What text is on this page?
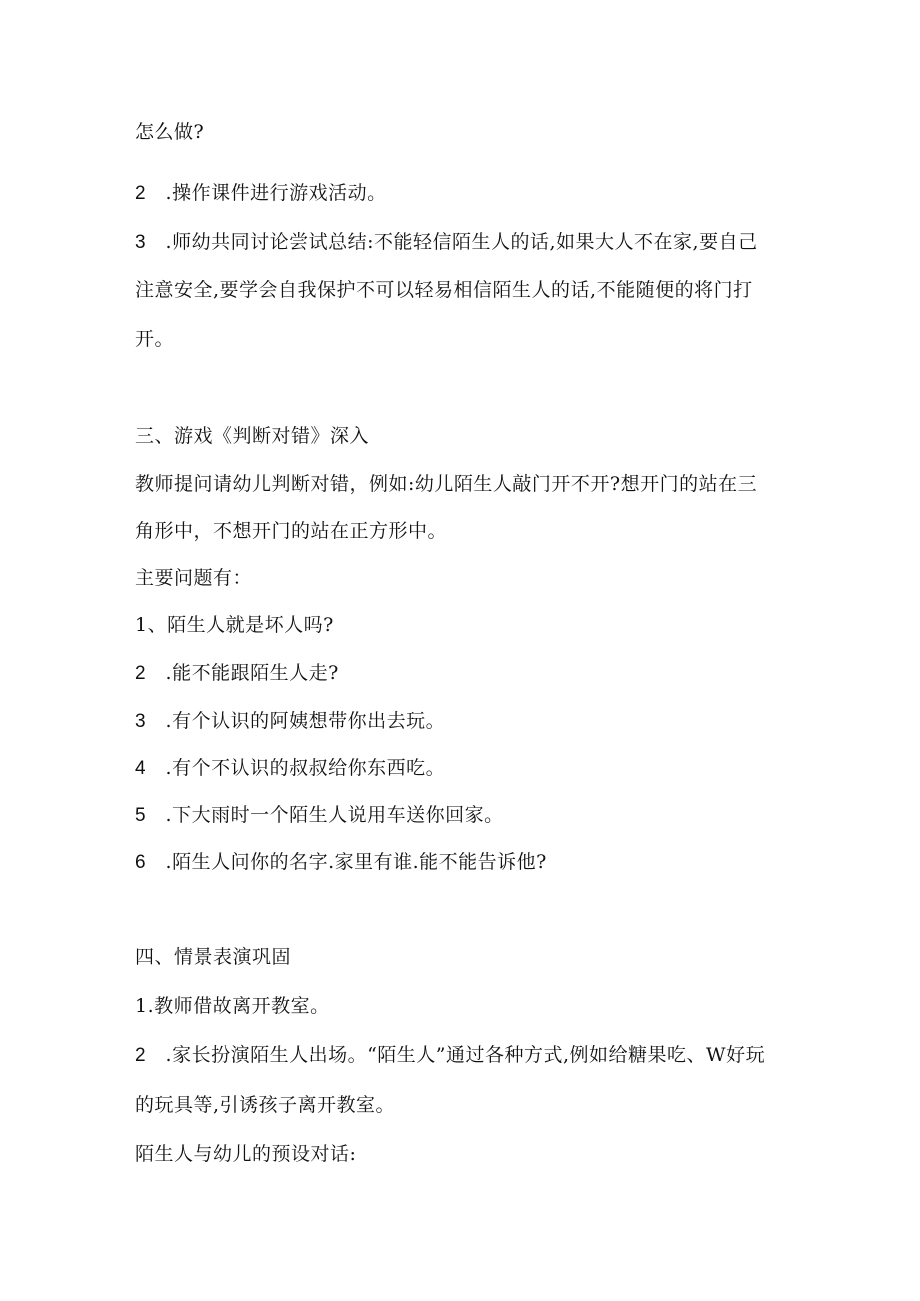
怎么做?
2 .操作课件进行游戏活动。
3 .师幼共同讨论尝试总结:不能轻信陌生人的话,如果大人不在家,要自己
注意安全,要学会自我保护不可以轻易相信陌生人的话,不能随便的将门打
开。
三、游戏《判断对错》深入
教师提问请幼儿判断对错，例如:幼儿陌生人敲门开不开?想开门的站在三
角形中，不想开门的站在正方形中。
主要问题有：
1、陌生人就是坏人吗?
2 .能不能跟陌生人走?
3 .有个认识的阿姨想带你出去玩。
4 .有个不认识的叔叔给你东西吃。
5 .下大雨时一个陌生人说用车送你回家。
6 .陌生人问你的名字.家里有谁.能不能告诉他?
四、情景表演巩固
1.教师借故离开教室。
2 .家长扮演陌生人出场。“陌生人”通过各种方式,例如给糖果吃、W好玩
的玩具等,引诱孩子离开教室。
陌生人与幼儿的预设对话:
